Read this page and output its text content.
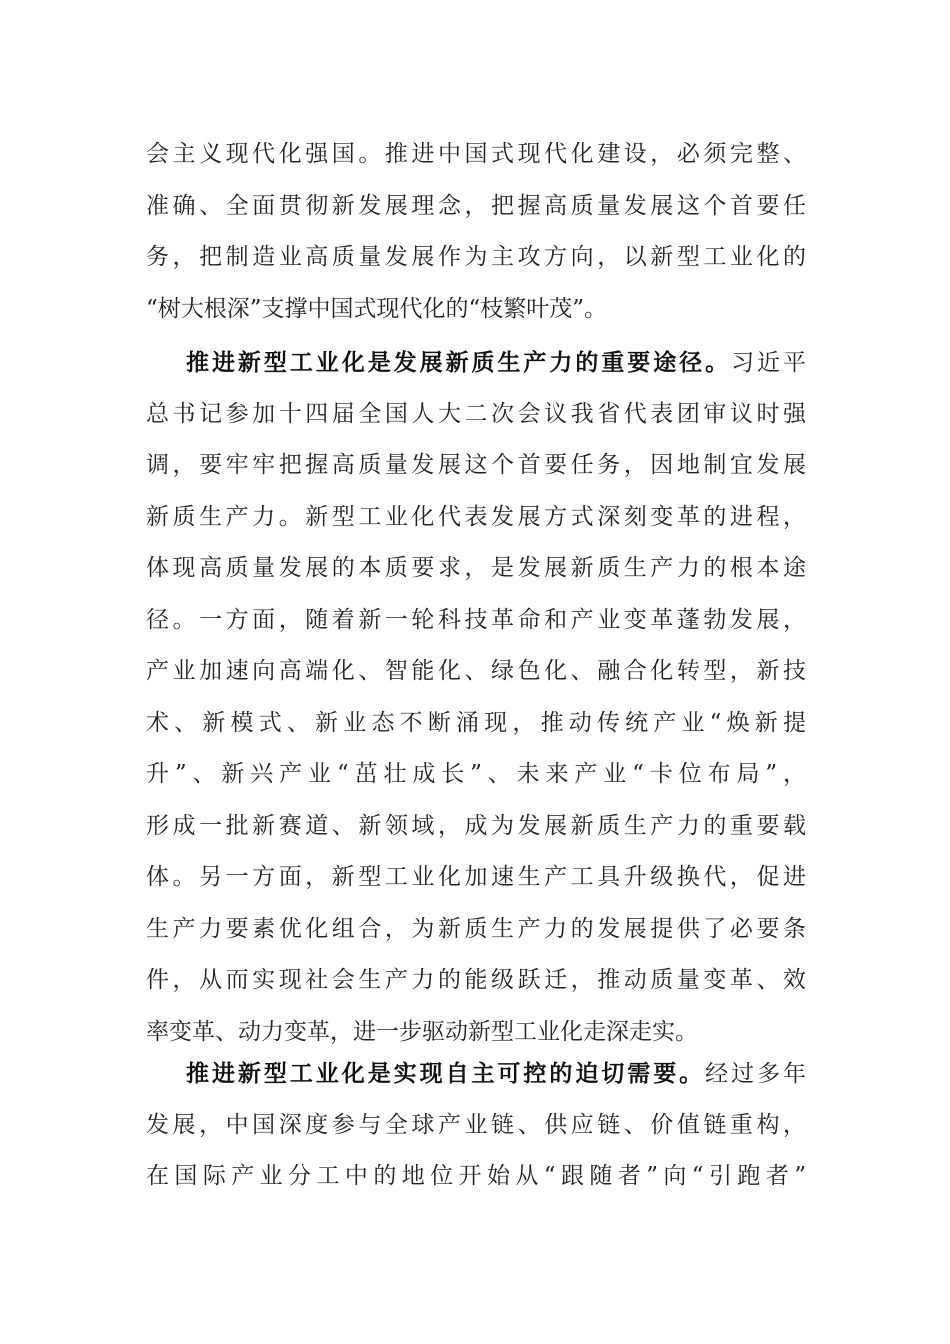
会主义现代化强国。推进中国式现代化建设，必须完整、
准确、全面贯彻新发展理念，把握高质量发展这个首要任
务，把制造业高质量发展作为主攻方向，以新型工业化的
“树大根深”支撑中国式现代化的“枝繁叶茂”。
推进新型工业化是发展新质生产力的重要途径。习近平
总书记参加十四届全国人大二次会议我省代表团审议时强
调，要牢牢把握高质量发展这个首要任务，因地制宜发展
新质生产力。新型工业化代表发展方式深刻变革的进程，
体现高质量发展的本质要求，是发展新质生产力的根本途
径。一方面，随着新一轮科技革命和产业变革蓬勃发展，
产业加速向高端化、智能化、绿色化、融合化转型，新技
术、新模式、新业态不断涌现，推动传统产业“焕新提
升”、新兴产业“茁壮成长”、未来产业“卡位布局”，
形成一批新赛道、新领域，成为发展新质生产力的重要载
体。另一方面，新型工业化加速生产工具升级换代，促进
生产力要素优化组合，为新质生产力的发展提供了必要条
件，从而实现社会生产力的能级跃迁，推动质量变革、效
率变革、动力变革，进一步驱动新型工业化走深走实。
推进新型工业化是实现自主可控的迫切需要。经过多年
发展，中国深度参与全球产业链、供应链、价值链重构，
在国际产业分工中的地位开始从“跟随者”向“引跑者”
